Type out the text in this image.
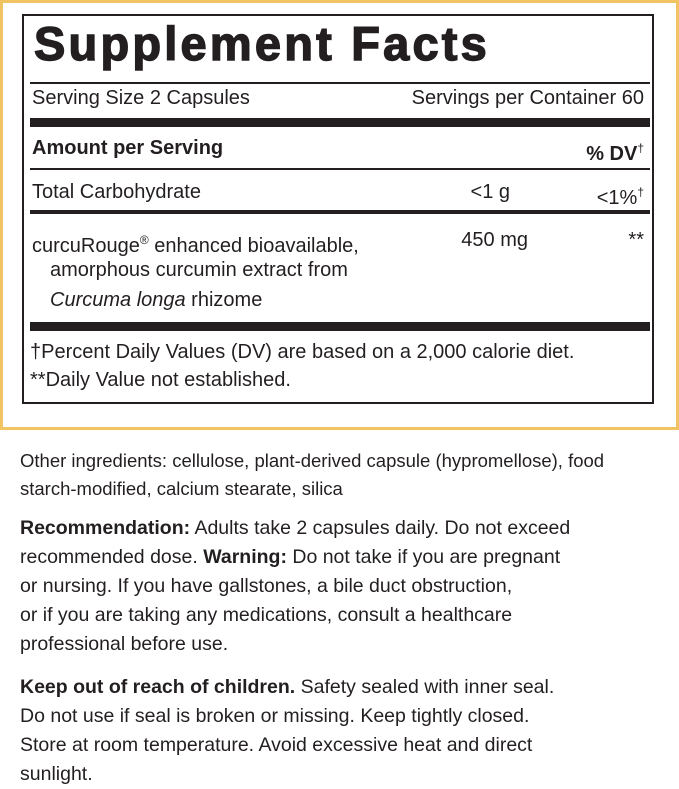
Supplement Facts
Serving Size 2 Capsules	Servings per Container 60
Amount per Serving	% DV†
Total Carbohydrate	<1 g	<1%†
curcuRouge® enhanced bioavailable,
amorphous curcumin extract from
Curcuma longa rhizome
450 mg	**
†Percent Daily Values (DV) are based on a 2,000 calorie diet.
**Daily Value not established.
Other ingredients: cellulose, plant-derived capsule (hypromellose), food
starch-modified, calcium stearate, silica
Recommendation: Adults take 2 capsules daily. Do not exceed
recommended dose. Warning: Do not take if you are pregnant
or nursing. If you have gallstones, a bile duct obstruction,
or if you are taking any medications, consult a healthcare
professional before use.
Keep out of reach of children. Safety sealed with inner seal.
Do not use if seal is broken or missing. Keep tightly closed.
Store at room temperature. Avoid excessive heat and direct
sunlight.
